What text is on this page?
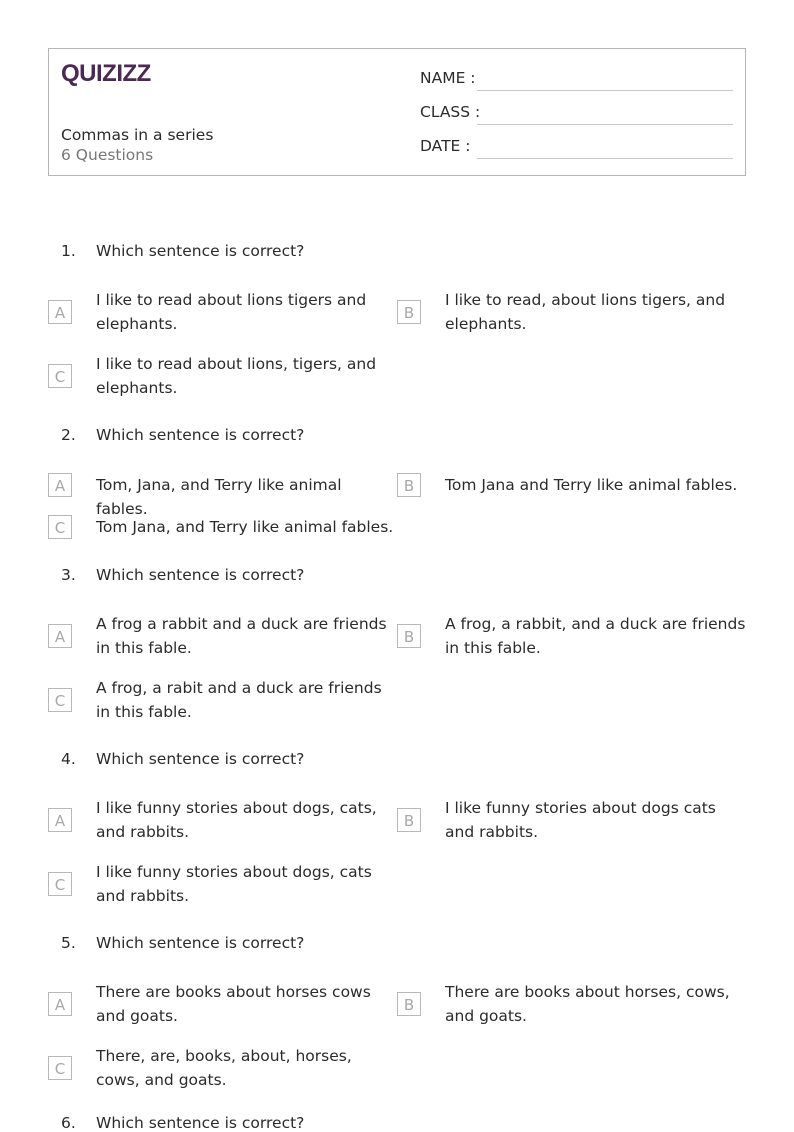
QUIZIZZ
Commas in a series
6 Questions
NAME :
CLASS :
DATE :
1. Which sentence is correct?
A
I like to read about lions tigers and elephants.
B
I like to read, about lions tigers, and elephants.
C
I like to read about lions, tigers, and elephants.
2. Which sentence is correct?
A	Tom, Jana, and Terry like animal fables.
B	Tom Jana and Terry like animal fables.
C	Tom Jana, and Terry like animal fables.
3. Which sentence is correct?
A
A frog a rabbit and a duck are friends in this fable.
B
A frog, a rabbit, and a duck are friends in this fable.
C
A frog, a rabit and a duck are friends in this fable.
4. Which sentence is correct?
A
I like funny stories about dogs, cats, and rabbits.
B
I like funny stories about dogs cats and rabbits.
C
I like funny stories about dogs, cats and rabbits.
5. Which sentence is correct?
A
There are books about horses cows and goats.
B
There are books about horses, cows, and goats.
C
There, are, books, about, horses, cows, and goats.
6. Which sentence is correct?
